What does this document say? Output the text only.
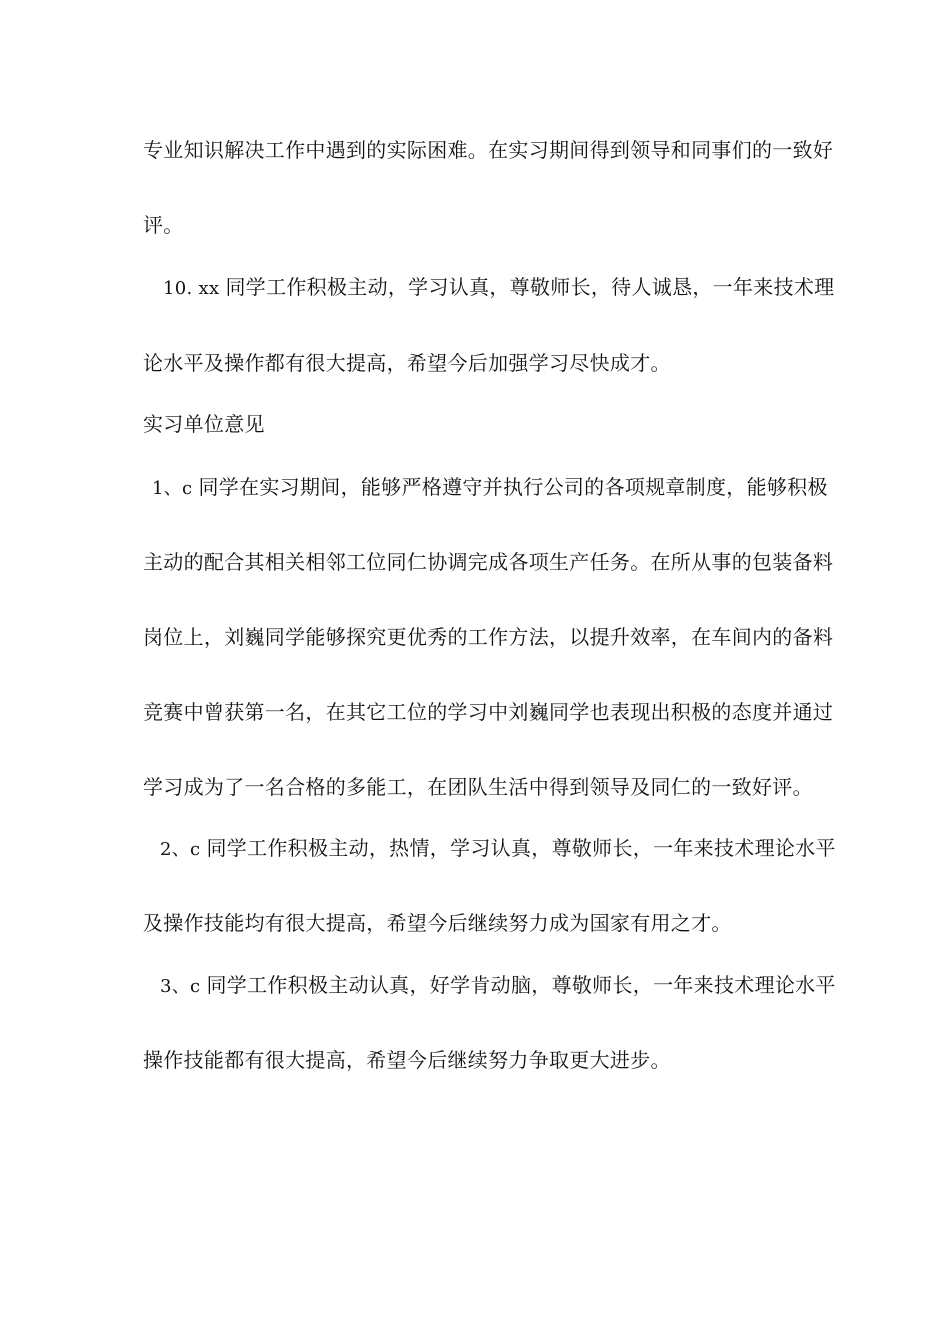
专业知识解决工作中遇到的实际困难。在实习期间得到领导和同事们的一致好
评。
10. xx 同学工作积极主动，学习认真，尊敬师长，待人诚恳，一年来技术理
论水平及操作都有很大提高，希望今后加强学习尽快成才。
实习单位意见
1、c 同学在实习期间，能够严格遵守并执行公司的各项规章制度，能够积极
主动的配合其相关相邻工位同仁协调完成各项生产任务。在所从事的包装备料
岗位上，刘巍同学能够探究更优秀的工作方法，以提升效率，在车间内的备料
竞赛中曾获第一名，在其它工位的学习中刘巍同学也表现出积极的态度并通过
学习成为了一名合格的多能工，在团队生活中得到领导及同仁的一致好评。
2、c 同学工作积极主动，热情，学习认真，尊敬师长，一年来技术理论水平
及操作技能均有很大提高，希望今后继续努力成为国家有用之才。
3、c 同学工作积极主动认真，好学肯动脑，尊敬师长，一年来技术理论水平
操作技能都有很大提高，希望今后继续努力争取更大进步。
